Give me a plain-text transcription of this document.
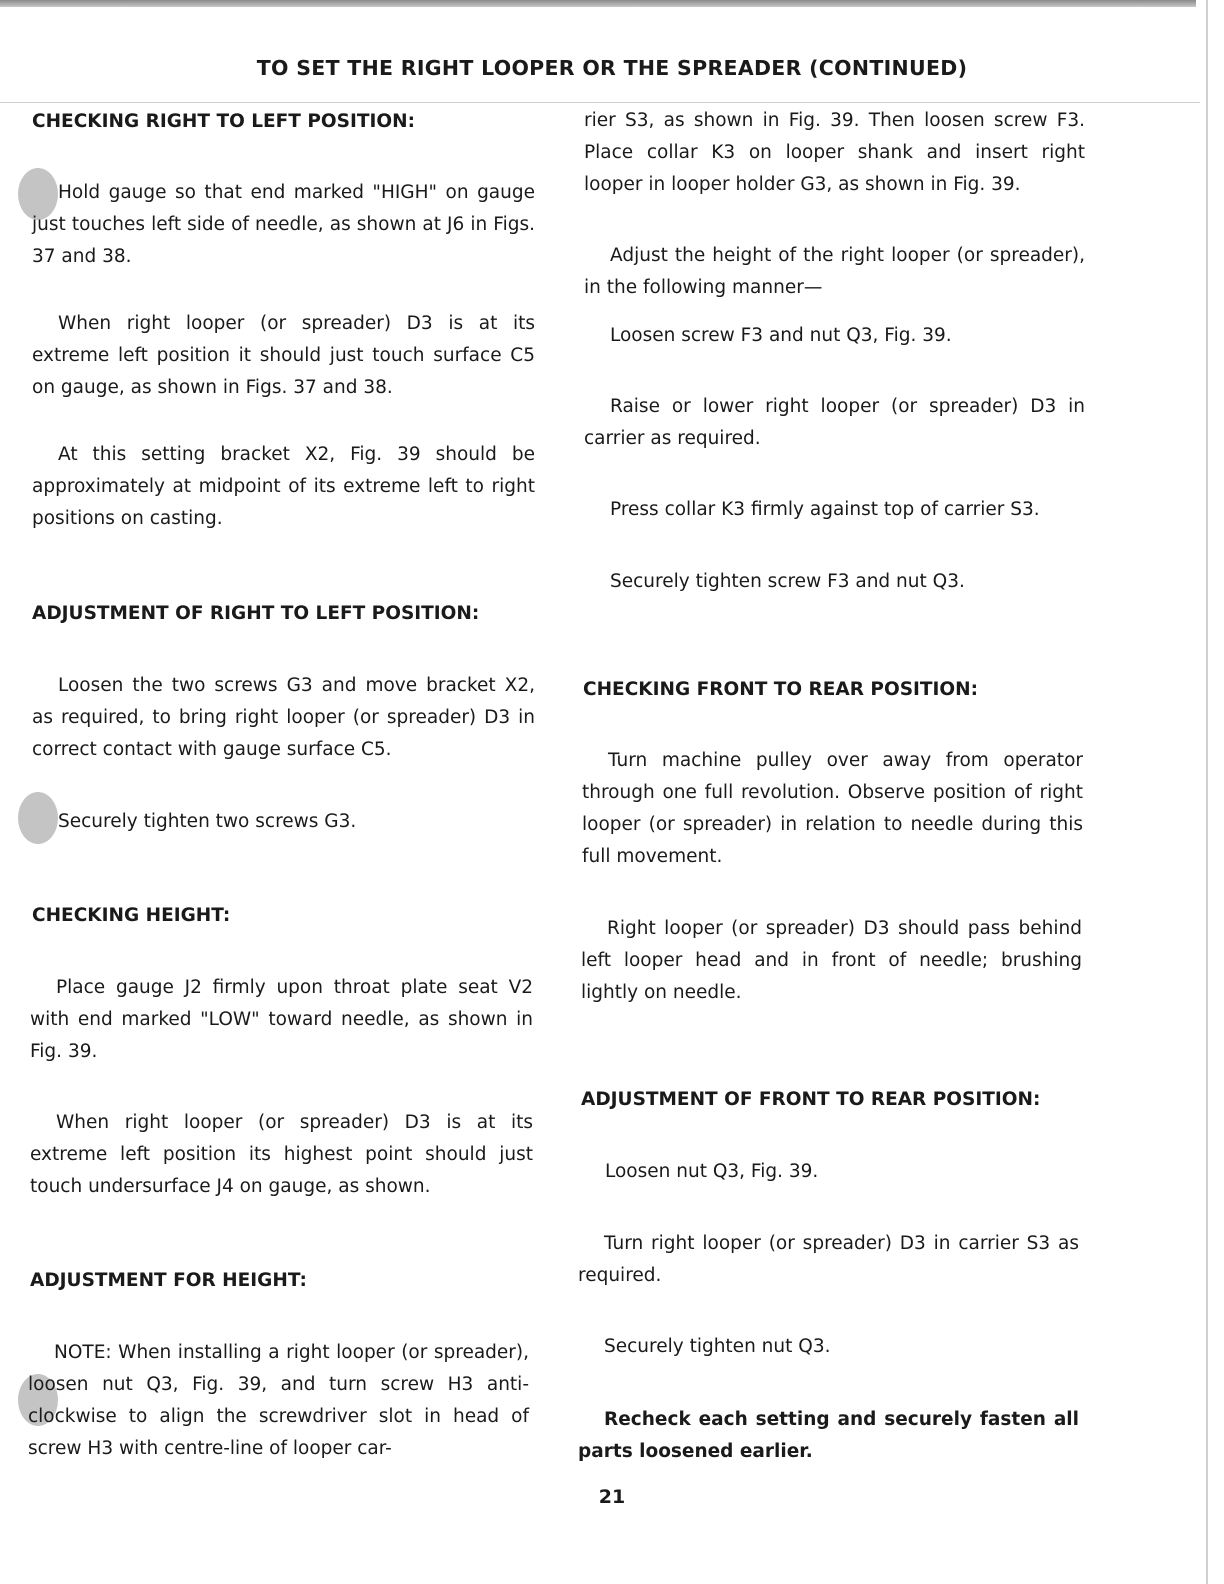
TO SET THE RIGHT LOOPER OR THE SPREADER (CONTINUED)
CHECKING RIGHT TO LEFT POSITION:

Hold gauge so that end marked "HIGH" on gauge just touches left side of needle, as shown at J6 in Figs. 37 and 38.

When right looper (or spreader) D3 is at its extreme left position it should just touch surface C5 on gauge, as shown in Figs. 37 and 38.

At this setting bracket X2, Fig. 39 should be approximately at midpoint of its extreme left to right positions on casting.

ADJUSTMENT OF RIGHT TO LEFT POSITION:

Loosen the two screws G3 and move bracket X2, as required, to bring right looper (or spreader) D3 in correct contact with gauge surface C5.

Securely tighten two screws G3.

CHECKING HEIGHT:

Place gauge J2 firmly upon throat plate seat V2 with end marked "LOW" toward needle, as shown in Fig. 39.

When right looper (or spreader) D3 is at its extreme left position its highest point should just touch undersurface J4 on gauge, as shown.

ADJUSTMENT FOR HEIGHT:

NOTE: When installing a right looper (or spreader), loosen nut Q3, Fig. 39, and turn screw H3 anti-clockwise to align the screwdriver slot in head of screw H3 with centre-line of looper car-

rier S3, as shown in Fig. 39. Then loosen screw F3. Place collar K3 on looper shank and insert right looper in looper holder G3, as shown in Fig. 39.

Adjust the height of the right looper (or spreader), in the following manner—

Loosen screw F3 and nut Q3, Fig. 39.

Raise or lower right looper (or spreader) D3 in carrier as required.

Press collar K3 firmly against top of carrier S3.

Securely tighten screw F3 and nut Q3.

CHECKING FRONT TO REAR POSITION:

Turn machine pulley over away from operator through one full revolution. Observe position of right looper (or spreader) in relation to needle during this full movement.

Right looper (or spreader) D3 should pass behind left looper head and in front of needle; brushing lightly on needle.

ADJUSTMENT OF FRONT TO REAR POSITION:

Loosen nut Q3, Fig. 39.

Turn right looper (or spreader) D3 in carrier S3 as required.

Securely tighten nut Q3.

Recheck each setting and securely fasten all parts loosened earlier.

21
